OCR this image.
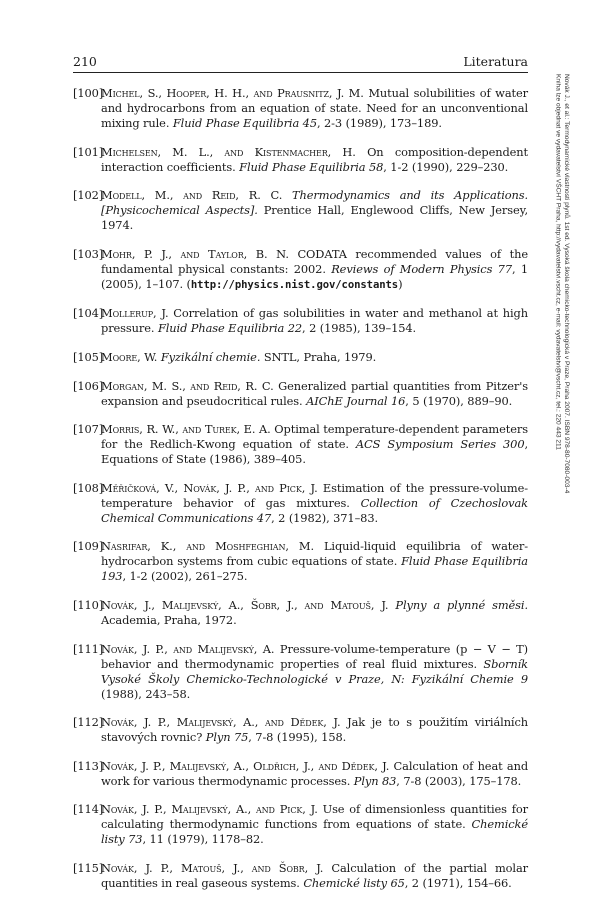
210	Literatura
[100]
Michel, S., Hooper, H. H., and Prausnitz, J. M. Mutual solubilities of water and hydrocarbons from an equation of state. Need for an unconventional mixing rule. Fluid Phase Equilibria 45, 2-3 (1989), 173–189.
[101]
Michelsen, M. L., and Kistenmacher, H. On composition-dependent interaction coefficients. Fluid Phase Equilibria 58, 1-2 (1990), 229–230.
[102]
Modell, M., and Reid, R. C. Thermodynamics and its Applications. [Physicochemical Aspects]. Prentice Hall, Englewood Cliffs, New Jersey, 1974.
[103]
Mohr, P. J., and Taylor, B. N. CODATA recommended values of the fundamental physical constants: 2002. Reviews of Modern Physics 77, 1 (2005), 1–107. (http://physics.nist.gov/constants)
[104]
Mollerup, J. Correlation of gas solubilities in water and methanol at high pressure. Fluid Phase Equilibria 22, 2 (1985), 139–154.
[105]
Moore, W. Fyzikální chemie. SNTL, Praha, 1979.
[106]
Morgan, M. S., and Reid, R. C. Generalized partial quantities from Pitzer's expansion and pseudocritical rules. AIChE Journal 16, 5 (1970), 889–90.
[107]
Morris, R. W., and Turek, E. A. Optimal temperature-dependent parameters for the Redlich-Kwong equation of state. ACS Symposium Series 300, Equations of State (1986), 389–405.
[108]
Měřičková, V., Novák, J. P., and Pick, J. Estimation of the pressure-volume-temperature behavior of gas mixtures. Collection of Czechoslovak Chemical Communications 47, 2 (1982), 371–83.
[109]
Nasrifar, K., and Moshfeghian, M. Liquid-liquid equilibria of water-hydrocarbon systems from cubic equations of state. Fluid Phase Equilibria 193, 1-2 (2002), 261–275.
[110]
Novák, J., Malijevský, A., Šobr, J., and Matouš, J. Plyny a plynné směsi. Academia, Praha, 1972.
[111]
Novák, J. P., and Malijevský, A. Pressure-volume-temperature (p − V − T) behavior and thermodynamic properties of real fluid mixtures. Sborník Vysoké Školy Chemicko-Technologické v Praze, N: Fyzikální Chemie 9 (1988), 243–58.
[112]
Novák, J. P., Malijevský, A., and Dědek, J. Jak je to s použitím viriálních stavových rovnic? Plyn 75, 7-8 (1995), 158.
[113]
Novák, J. P., Malijevský, A., Oldřich, J., and Dědek, J. Calculation of heat and work for various thermodynamic processes. Plyn 83, 7-8 (2003), 175–178.
[114]
Novák, J. P., Malijevský, A., and Pick, J. Use of dimensionless quantities for calculating thermodynamic functions from equations of state. Chemické listy 73, 11 (1979), 1178–82.
[115]
Novák, J. P., Matouš, J., and Šobr, J. Calculation of the partial molar quantities in real gaseous systems. Chemické listy 65, 2 (1971), 154–66.
Novák J., et al.: Termodynamické vlastnosti plynů. 1st ed. Vysoká škola chemicko-technologická v Praze, Praha 2007. ISBN 978-80-7080-003-4
Kniha lze objednat ve vydavatelství VŠCHT Praha, http://vydavatelstvi.vscht.cz, e-mail: vydavatelstvi@vscht.cz, tel.: 220 443 211
